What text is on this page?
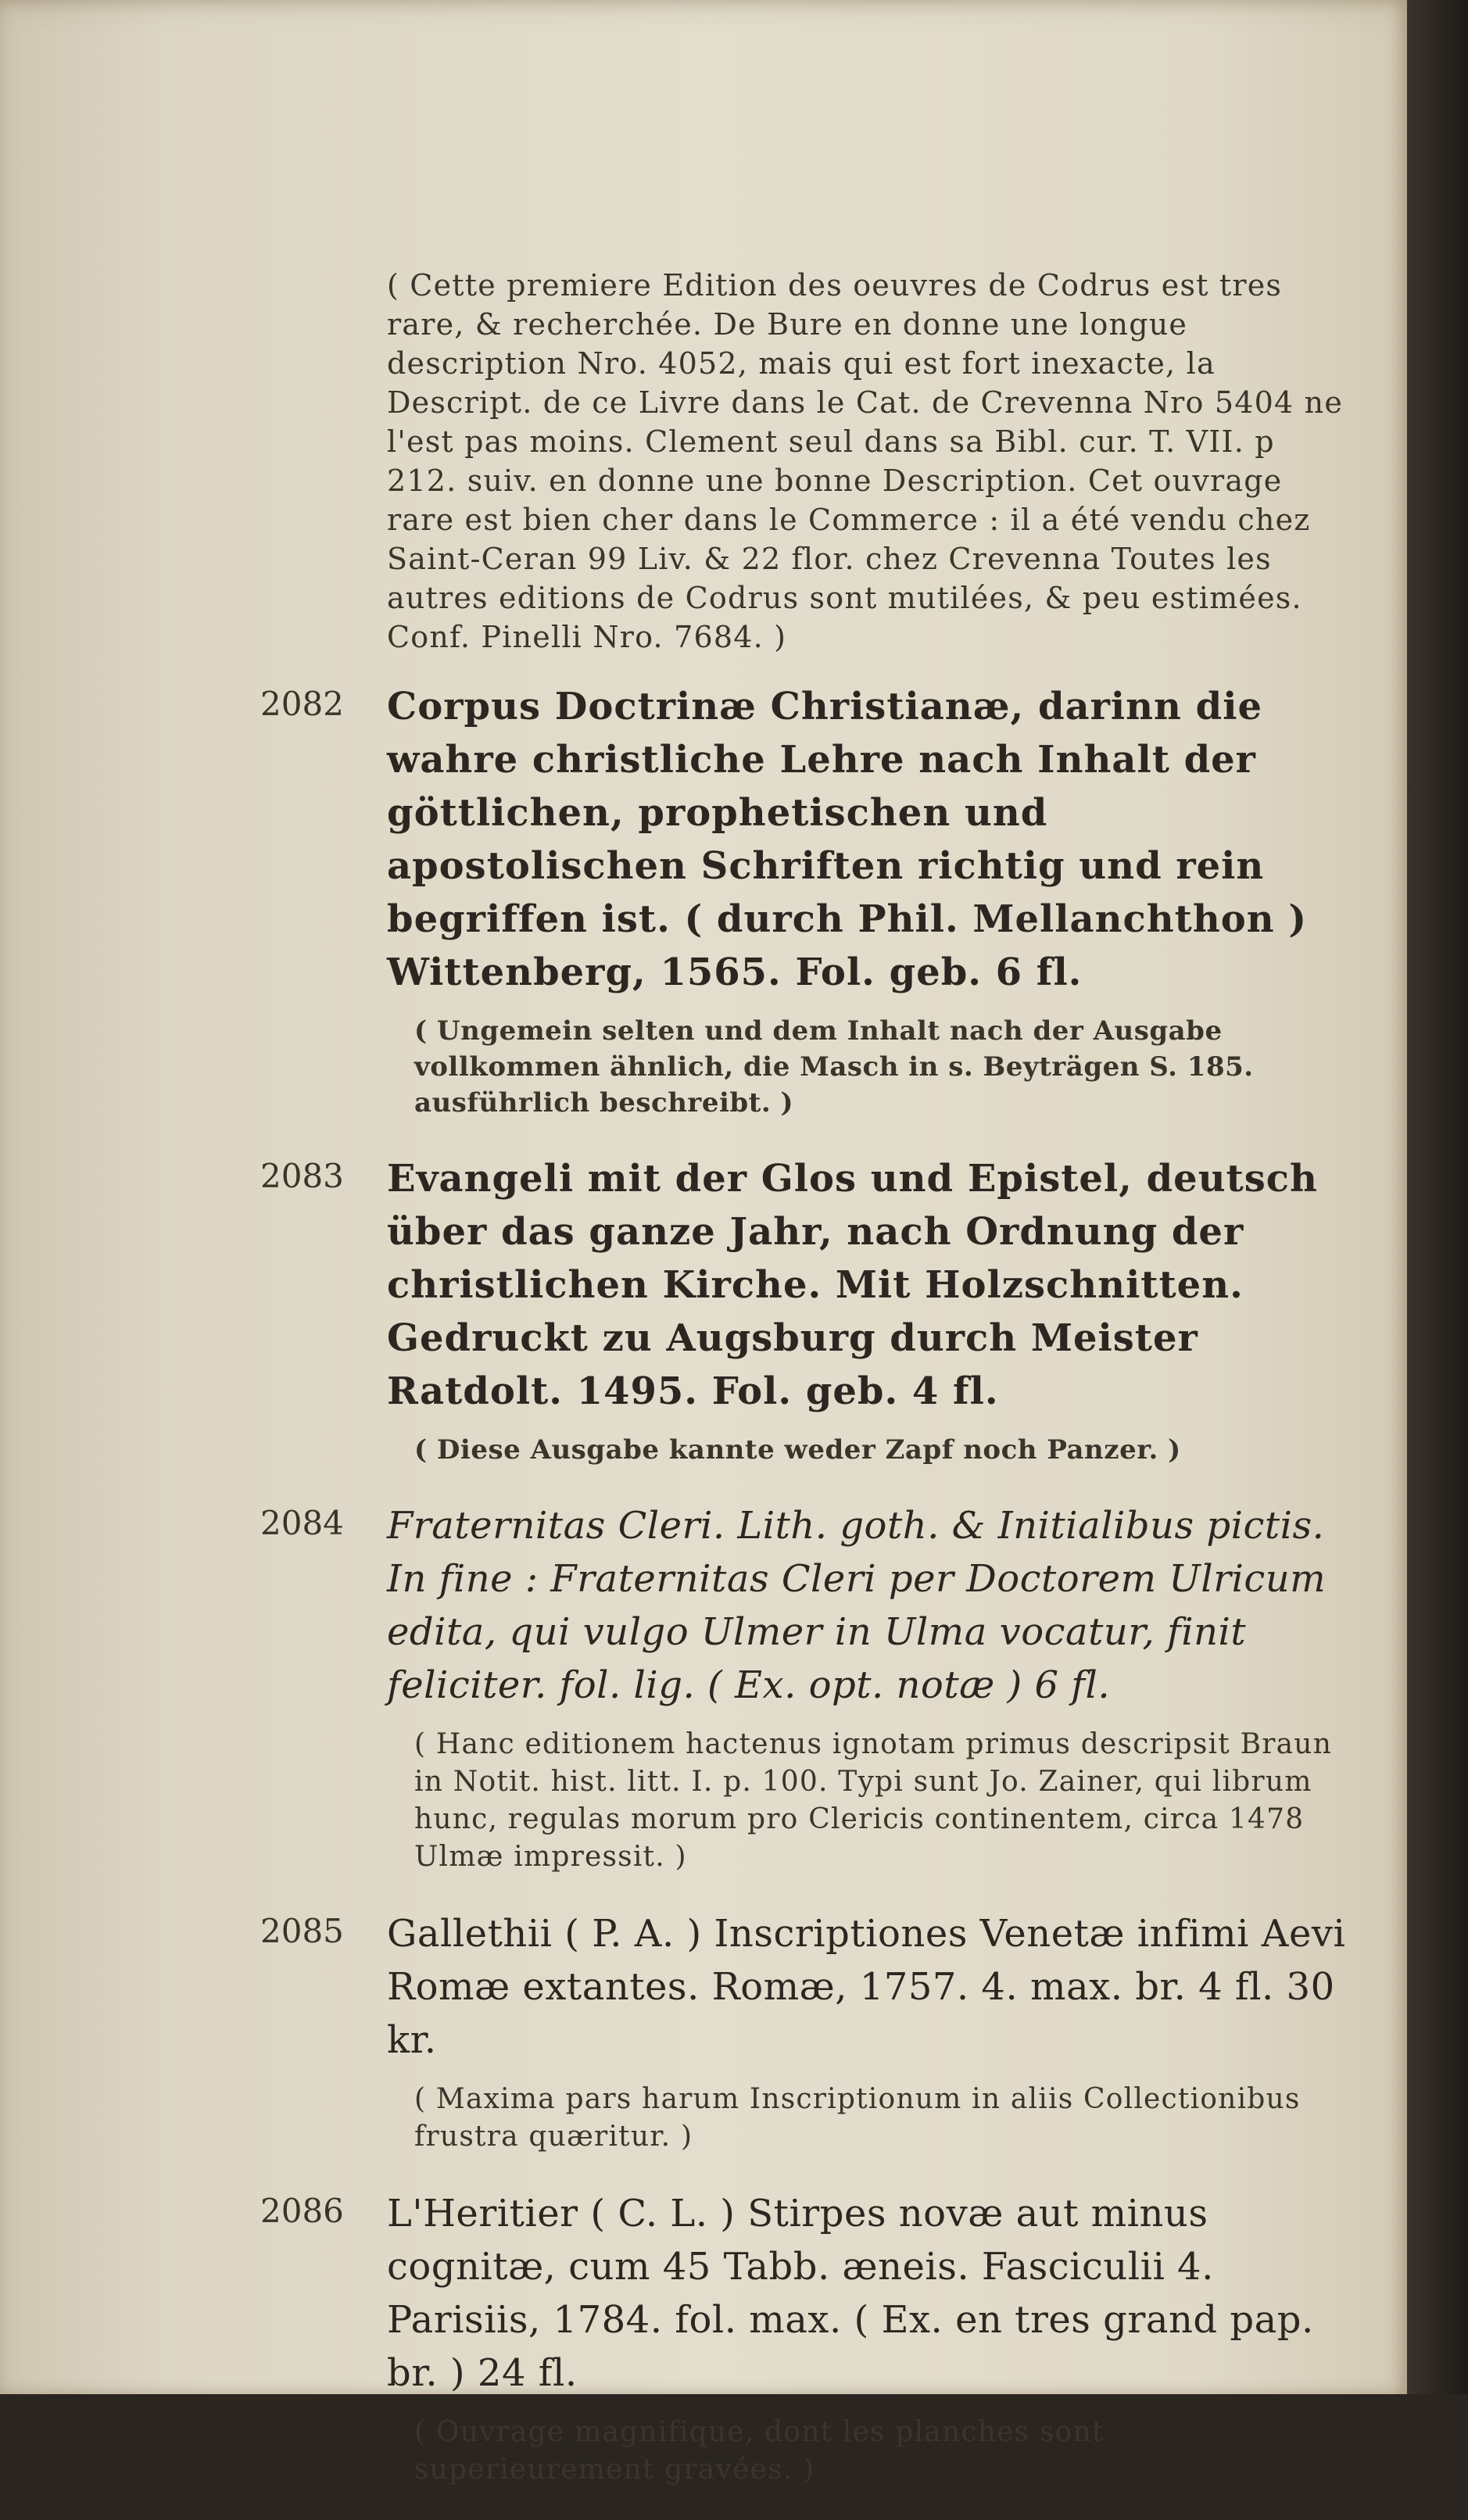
( Cette premiere Edition des oeuvres de Codrus est tres rare, & recherchée. De Bure en donne une longue description Nro. 4052, mais qui est fort inexacte, la Descript. de ce Livre dans le Cat. de Crevenna Nro 5404 ne l'est pas moins. Clement seul dans sa Bibl. cur. T. VII. p 212. suiv. en donne une bonne Description. Cet ouvrage rare est bien cher dans le Commerce : il a été vendu chez Saint-Ceran 99 Liv. & 22 flor. chez Crevenna Toutes les autres editions de Codrus sont mutilées, & peu estimées. Conf. Pinelli Nro. 7684. )
2082	Corpus Doctrinæ Christianæ, darinn die wahre christliche Lehre nach Inhalt der göttlichen, prophetischen und apostolischen Schriften richtig und rein begriffen ist. ( durch Phil. Mellanchthon ) Wittenberg, 1565. Fol. geb. 6 fl.
( Ungemein selten und dem Inhalt nach der Ausgabe vollkommen ähnlich, die Masch in s. Beyträgen S. 185. ausführlich beschreibt. )
2083	Evangeli mit der Glos und Epistel, deutsch über das ganze Jahr, nach Ordnung der christlichen Kirche. Mit Holzschnitten. Gedruckt zu Augsburg durch Meister Ratdolt. 1495. Fol. geb. 4 fl.
( Diese Ausgabe kannte weder Zapf noch Panzer. )
2084	Fraternitas Cleri. Lith. goth. & Initialibus pictis. In fine : Fraternitas Cleri per Doctorem Ulricum edita, qui vulgo Ulmer in Ulma vocatur, finit feliciter. fol. lig. ( Ex. opt. notæ ) 6 fl.
( Hanc editionem hactenus ignotam primus descripsit Braun in Notit. hist. litt. I. p. 100. Typi sunt Jo. Zainer, qui librum hunc, regulas morum pro Clericis continentem, circa 1478 Ulmæ impressit. )
2085	Gallethii ( P. A. ) Inscriptiones Venetæ infimi Aevi Romæ extantes. Romæ, 1757. 4. max. br. 4 fl. 30 kr.
( Maxima pars harum Inscriptionum in aliis Collectionibus frustra quæritur. )
2086	L'Heritier ( C. L. ) Stirpes novæ aut minus cognitæ, cum 45 Tabb. æneis. Fasciculii 4. Parisiis, 1784. fol. max. ( Ex. en tres grand pap. br. ) 24 fl.
( Ouvrage magnifique, dont les planches sont superieurement gravées. )
